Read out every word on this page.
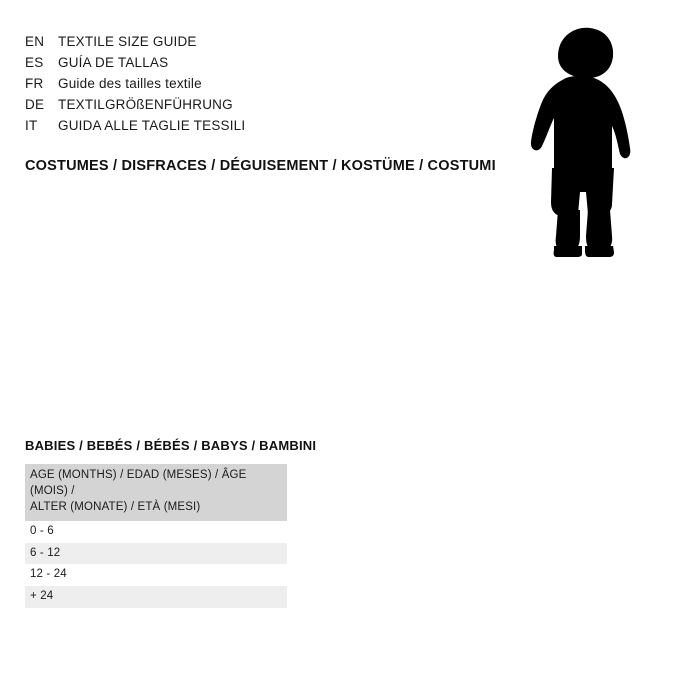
EN	TEXTILE SIZE GUIDE
ES	GUÍA DE TALLAS
FR	Guide des tailles textile
DE	TEXTILGRÖßENFÜHRUNG
IT	GUIDA ALLE TAGLIE TESSILI
COSTUMES / DISFRACES / DÉGUISEMENT / KOSTÜME / COSTUMI
BABIES / BEBÉS / BÉBÉS / BABYS / BAMBINI
AGE (MONTHS) / EDAD (MESES) / ÂGE (MOIS) /
ALTER (MONATE) / ETÀ (MESI)
0 - 6
6 - 12
12 - 24
+ 24
